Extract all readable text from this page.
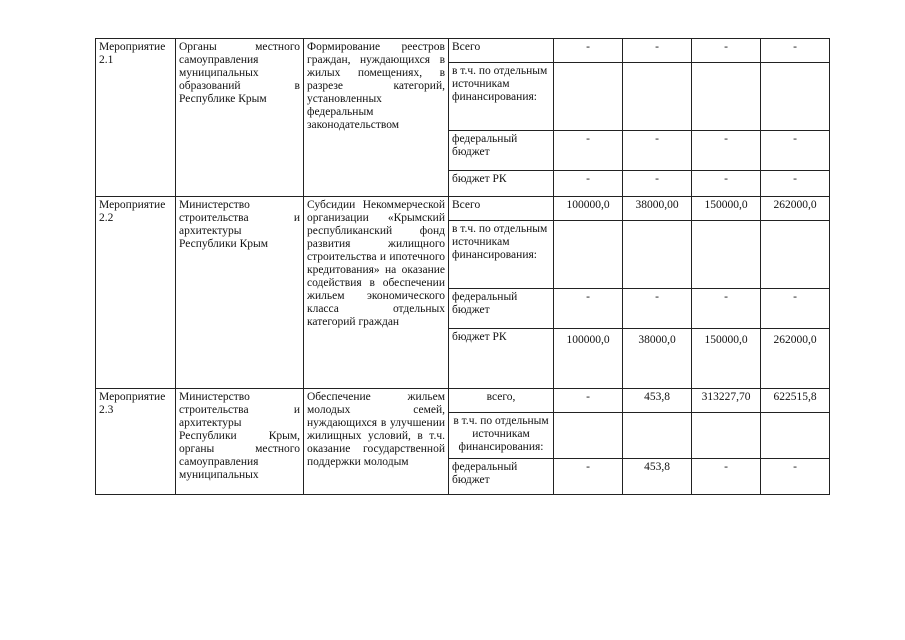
Мероприятие 2.1	Органы местного самоуправления муниципальных образований в Республике Крым	Формирование реестров граждан, нуждающихся в жилых помещениях, в разрезе категорий, установленных федеральным законодательством	Всего	-	-	-	-
			в т.ч. по отдельным источникам финансирования:				
			федеральный бюджет	-	-	-	-
			бюджет РК	-	-	-	-
Мероприятие 2.2	Министерство строительства и архитектуры Республики Крым	Субсидии Некоммерческой организации «Крымский республиканский фонд развития жилищного строительства и ипотечного кредитования» на оказание содействия в обеспечении жильем экономического класса отдельных категорий граждан	Всего	100000,0	38000,00	150000,0	262000,0
			в т.ч. по отдельным источникам финансирования:				
			федеральный бюджет	-	-	-	-
			бюджет РК	100000,0	38000,0	150000,0	262000,0
Мероприятие 2.3	Министерство строительства и архитектуры Республики Крым, органы местного самоуправления муниципальных	Обеспечение жильем молодых семей, нуждающихся в улучшении жилищных условий, в т.ч. оказание государственной поддержки молодым	всего,	-	453,8	313227,70	622515,8
			в т.ч. по отдельным источникам финансирования:				
			федеральный бюджет	-	453,8	-	-
